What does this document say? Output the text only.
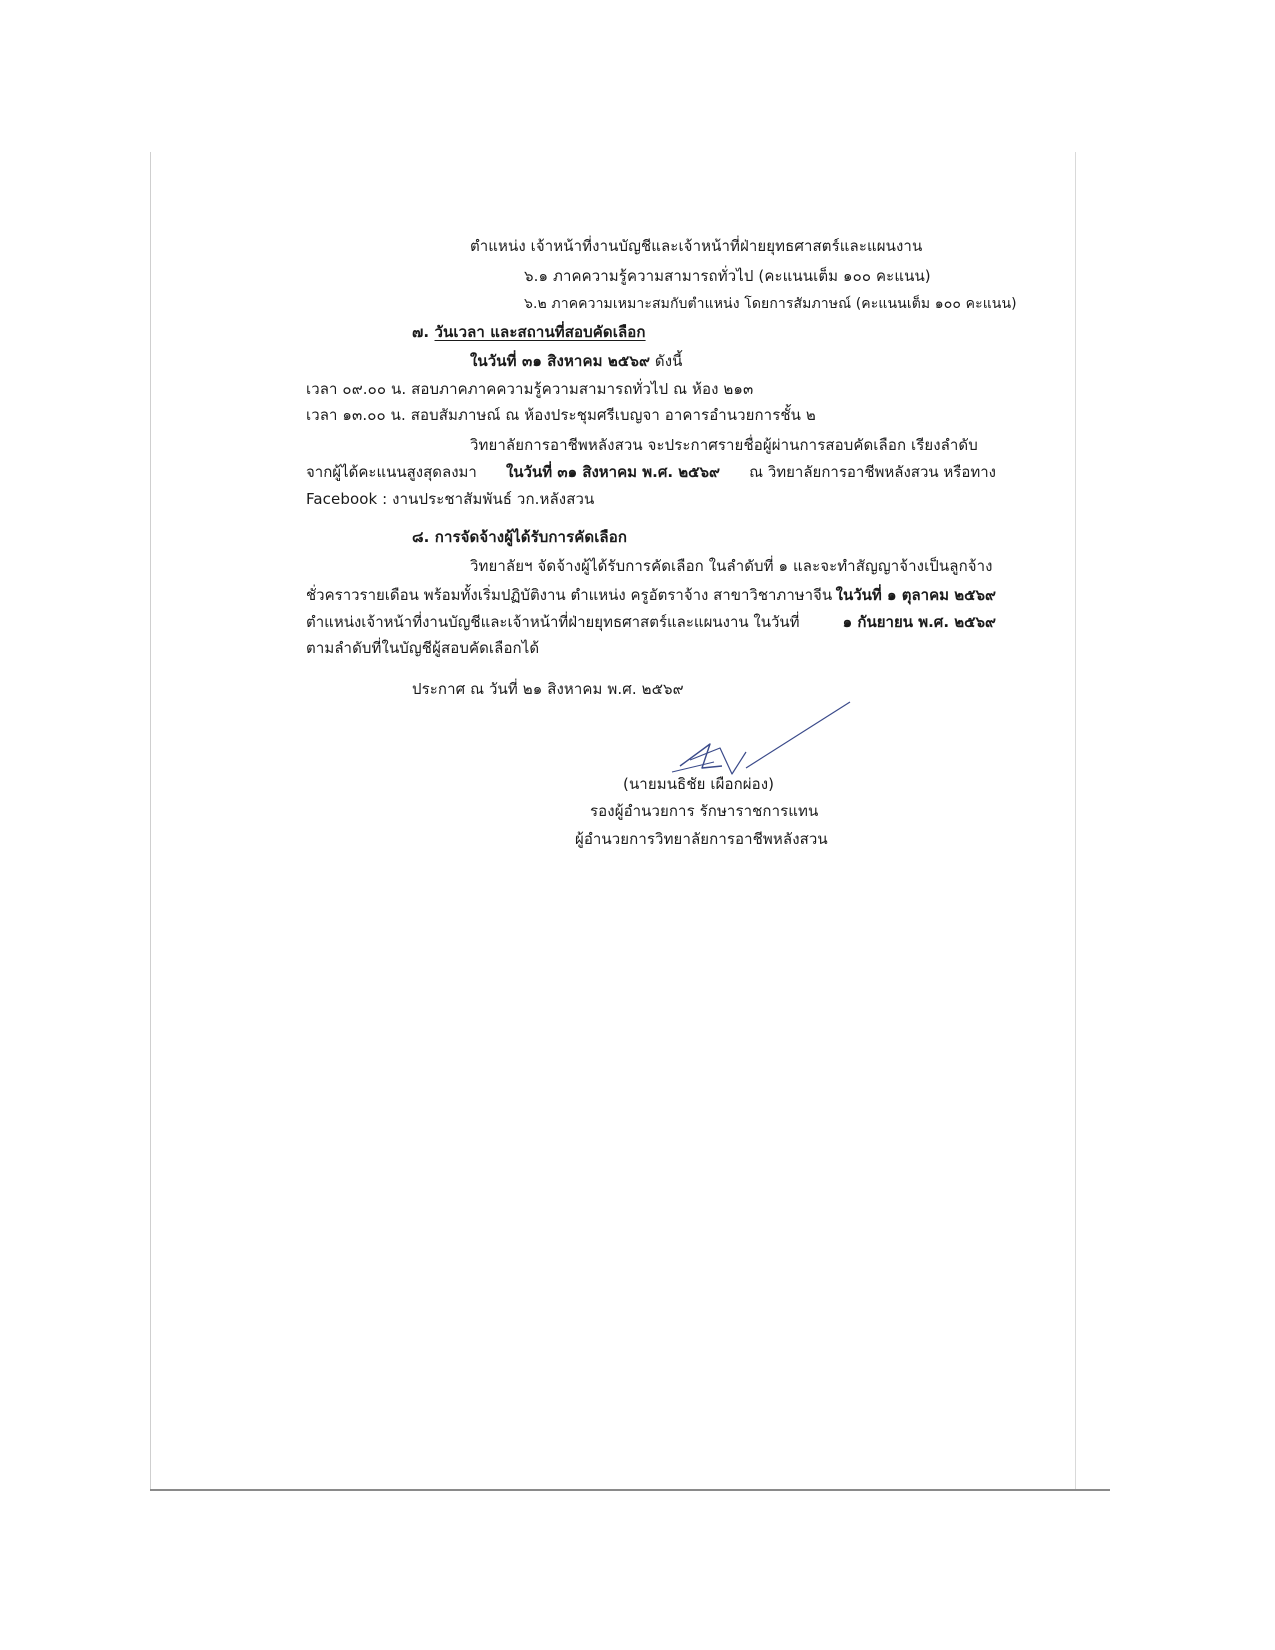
ตำแหน่ง เจ้าหน้าที่งานบัญชีและเจ้าหน้าที่ฝ่ายยุทธศาสตร์และแผนงาน
๖.๑ ภาคความรู้ความสามารถทั่วไป (คะแนนเต็ม ๑๐๐ คะแนน)
๖.๒ ภาคความเหมาะสมกับตำแหน่ง โดยการสัมภาษณ์ (คะแนนเต็ม ๑๐๐ คะแนน)
๗. วันเวลา และสถานที่สอบคัดเลือก
ในวันที่ ๓๑ สิงหาคม ๒๕๖๙ ดังนี้
เวลา ๐๙.๐๐ น. สอบภาคภาคความรู้ความสามารถทั่วไป ณ ห้อง ๒๑๓
เวลา ๑๓.๐๐ น. สอบสัมภาษณ์ ณ ห้องประชุมศรีเบญจา อาคารอำนวยการชั้น ๒
วิทยาลัยการอาชีพหลังสวน จะประกาศรายชื่อผู้ผ่านการสอบคัดเลือก เรียงลำดับ
จากผู้ได้คะแนนสูงสุดลงมา ในวันที่ ๓๑ สิงหาคม พ.ศ. ๒๕๖๙ ณ วิทยาลัยการอาชีพหลังสวน หรือทาง
Facebook : งานประชาสัมพันธ์ วก.หลังสวน
๘. การจัดจ้างผู้ได้รับการคัดเลือก
วิทยาลัยฯ จัดจ้างผู้ได้รับการคัดเลือก ในลำดับที่ ๑ และจะทำสัญญาจ้างเป็นลูกจ้าง
ชั่วคราวรายเดือน พร้อมทั้งเริ่มปฏิบัติงาน ตำแหน่ง ครูอัตราจ้าง สาขาวิชาภาษาจีน ในวันที่ ๑ ตุลาคม ๒๕๖๙
ตำแหน่งเจ้าหน้าที่งานบัญชีและเจ้าหน้าที่ฝ่ายยุทธศาสตร์และแผนงาน ในวันที่	๑ กันยายน พ.ศ. ๒๕๖๙
ตามลำดับที่ในบัญชีผู้สอบคัดเลือกได้
ประกาศ ณ วันที่ ๒๑ สิงหาคม พ.ศ. ๒๕๖๙
(นายมนธิชัย เผือกผ่อง)
รองผู้อำนวยการ รักษาราชการแทน
ผู้อำนวยการวิทยาลัยการอาชีพหลังสวน
